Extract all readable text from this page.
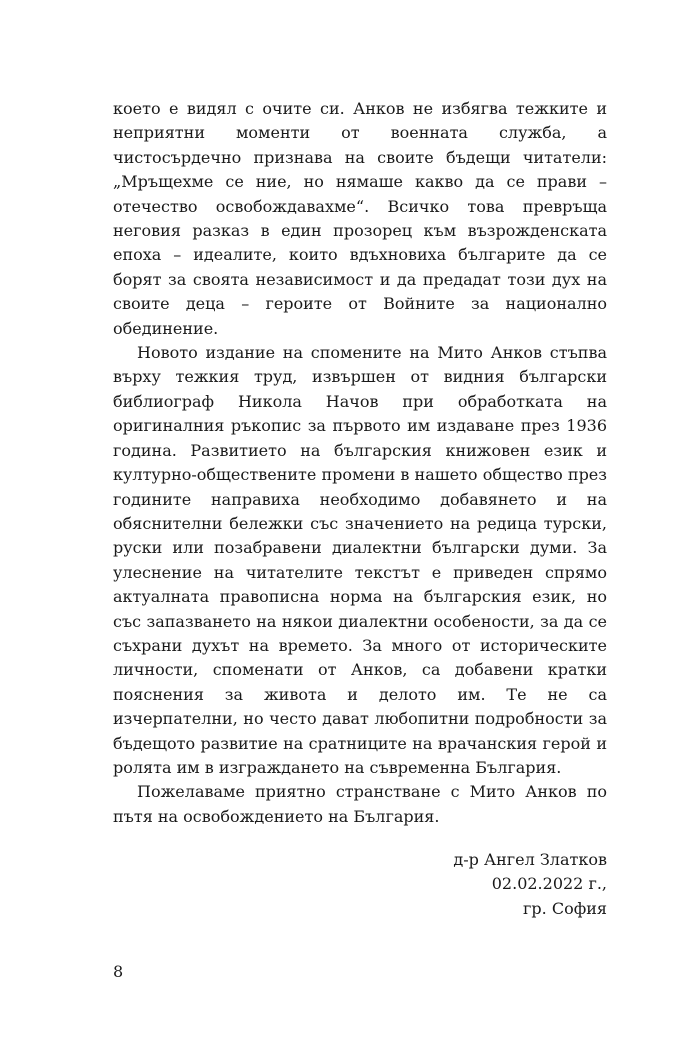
което е видял с очите си. Анков не избягва тежките и неприятни моменти от военната служба, а чистосърдечно признава на своите бъдещи читатели: „Мръщехме се ние, но нямаше какво да се прави – отечество освобождавахме“. Всичко това превръща неговия разказ в един прозорец към възрожденската епоха – идеалите, които вдъхновиха българите да се борят за своята независимост и да предадат този дух на своите деца – героите от Войните за национално обединение.

Новото издание на спомените на Мито Анков стъпва върху тежкия труд, извършен от видния български библиограф Никола Начов при обработката на оригиналния ръкопис за първото им издаване през 1936 година. Развитието на българския книжовен език и културно-обществените промени в нашето общество през годините направиха необходимо добавянето и на обяснителни бележки със значението на редица турски, руски или позабравени диалектни български думи. За улеснение на читателите текстът е приведен спрямо актуалната правописна норма на българския език, но със запазването на някои диалектни особености, за да се съхрани духът на времето. За много от историческите личности, споменати от Анков, са добавени кратки пояснения за живота и делото им. Те не са изчерпателни, но често дават любопитни подробности за бъдещото развитие на сратниците на врачанския герой и ролята им в изграждането на съвременна България.

Пожелаваме приятно странстване с Мито Анков по пътя на освобождението на България.

д-р Ангел Златков
02.02.2022 г.,
гр. София
8
